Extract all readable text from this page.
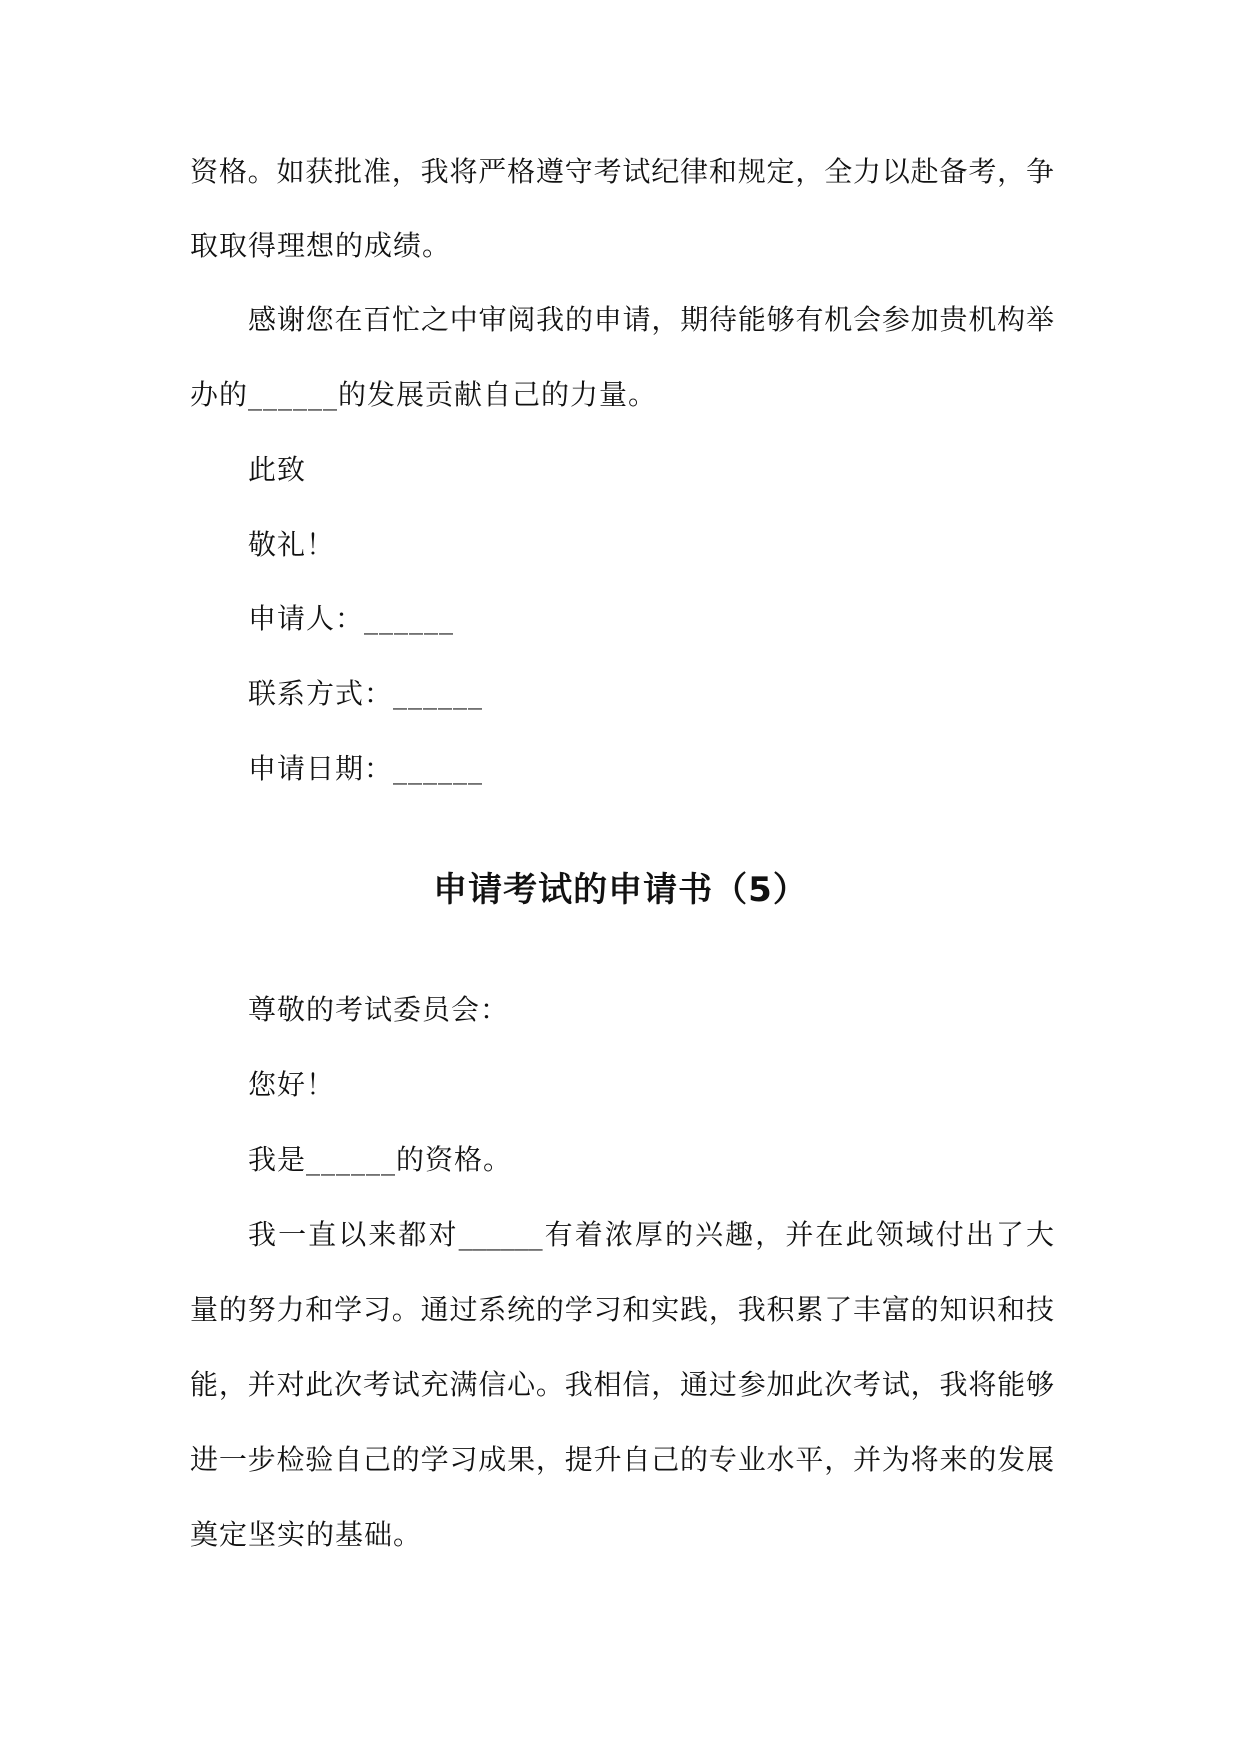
资格。如获批准，我将严格遵守考试纪律和规定，全力以赴备考，争
取取得理想的成绩。
感谢您在百忙之中审阅我的申请，期待能够有机会参加贵机构举
办的______的发展贡献自己的力量。
此致
敬礼！
申请人：______
联系方式：______
申请日期：______
申请考试的申请书（5）
尊敬的考试委员会：
您好！
我是______的资格。
我一直以来都对______有着浓厚的兴趣，并在此领域付出了大
量的努力和学习。通过系统的学习和实践，我积累了丰富的知识和技
能，并对此次考试充满信心。我相信，通过参加此次考试，我将能够
进一步检验自己的学习成果，提升自己的专业水平，并为将来的发展
奠定坚实的基础。
